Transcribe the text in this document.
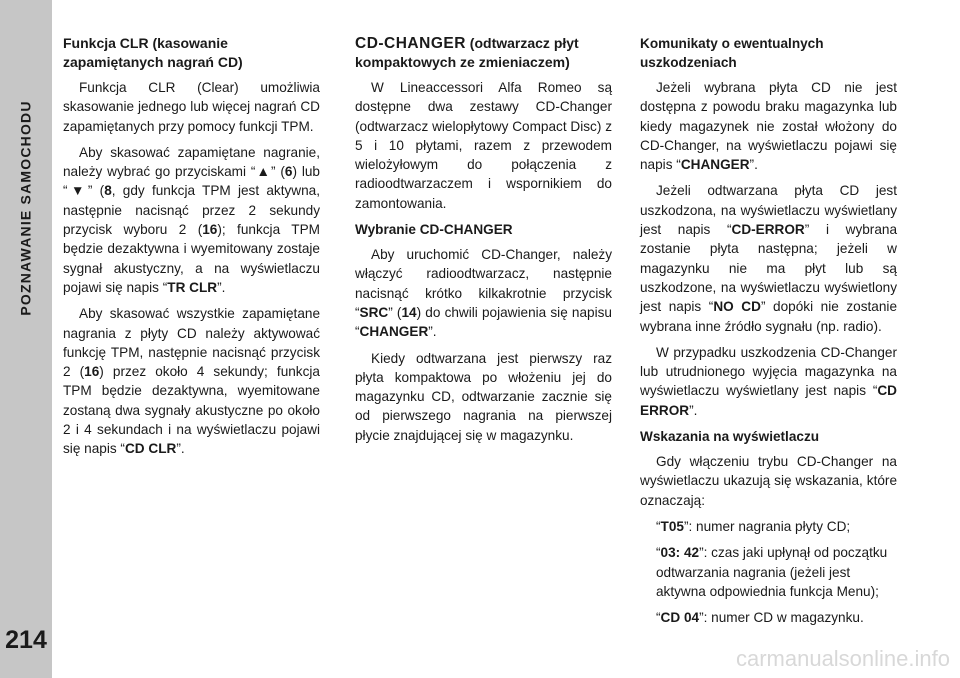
POZNAWANIE SAMOCHODU
214
Funkcja CLR (kasowanie zapamiętanych nagrań CD)

Funkcja CLR (Clear) umożliwia skasowanie jednego lub więcej nagrań CD zapamiętanych przy pomocy funkcji TPM.

Aby skasować zapamiętane nagranie, należy wybrać go przyciskami “▲” (6) lub “▼” (8, gdy funkcja TPM jest aktywna, następnie nacisnąć przez 2 sekundy przycisk wyboru 2 (16); funkcja TPM będzie dezaktywna i wyemitowany zostaje sygnał akustyczny, a na wyświetlaczu pojawi się napis “TR CLR”.

Aby skasować wszystkie zapamiętane nagrania z płyty CD należy aktywować funkcję TPM, następnie nacisnąć przycisk 2 (16) przez około 4 sekundy; funkcja TPM będzie dezaktywna, wyemitowane zostaną dwa sygnały akustyczne po około 2 i 4 sekundach i na wyświetlaczu pojawi się napis “CD CLR”.

CD-CHANGER (odtwarzacz płyt kompaktowych ze zmieniaczem)

W Lineaccessori Alfa Romeo są dostępne dwa zestawy CD-Changer (odtwarzacz wielopłytowy Compact Disc) z 5 i 10 płytami, razem z przewodem wielożyłowym do połączenia z radioodtwarzaczem i wspornikiem do zamontowania.

Wybranie CD-CHANGER

Aby uruchomić CD-Changer, należy włączyć radioodtwarzacz, następnie nacisnąć krótko kilkakrotnie przycisk “SRC” (14) do chwili pojawienia się napisu “CHANGER”.

Kiedy odtwarzana jest pierwszy raz płyta kompaktowa po włożeniu jej do magazynku CD, odtwarzanie zacznie się od pierwszego nagrania na pierwszej płycie znajdującej się w magazynku.

Komunikaty o ewentualnych uszkodzeniach

Jeżeli wybrana płyta CD nie jest dostępna z powodu braku magazynka lub kiedy magazynek nie został włożony do CD-Changer, na wyświetlaczu pojawi się napis “CHANGER”.

Jeżeli odtwarzana płyta CD jest uszkodzona, na wyświetlaczu wyświetlany jest napis “CD-ERROR” i wybrana zostanie płyta następna; jeżeli w magazynku nie ma płyt lub są uszkodzone, na wyświetlaczu wyświetlony jest napis “NO CD” dopóki nie zostanie wybrana inne źródło sygnału (np. radio).

W przypadku uszkodzenia CD-Changer lub utrudnionego wyjęcia magazynka na wyświetlaczu wyświetlany jest napis “CD ERROR”.

Wskazania na wyświetlaczu

Gdy włączeniu trybu CD-Changer na wyświetlaczu ukazują się wskazania, które oznaczają:

“T05”: numer nagrania płyty CD;

“03: 42”: czas jaki upłynął od początku odtwarzania nagrania (jeżeli jest aktywna odpowiednia funkcja Menu);

“CD 04”: numer CD w magazynku.

carmanualsonline.info
